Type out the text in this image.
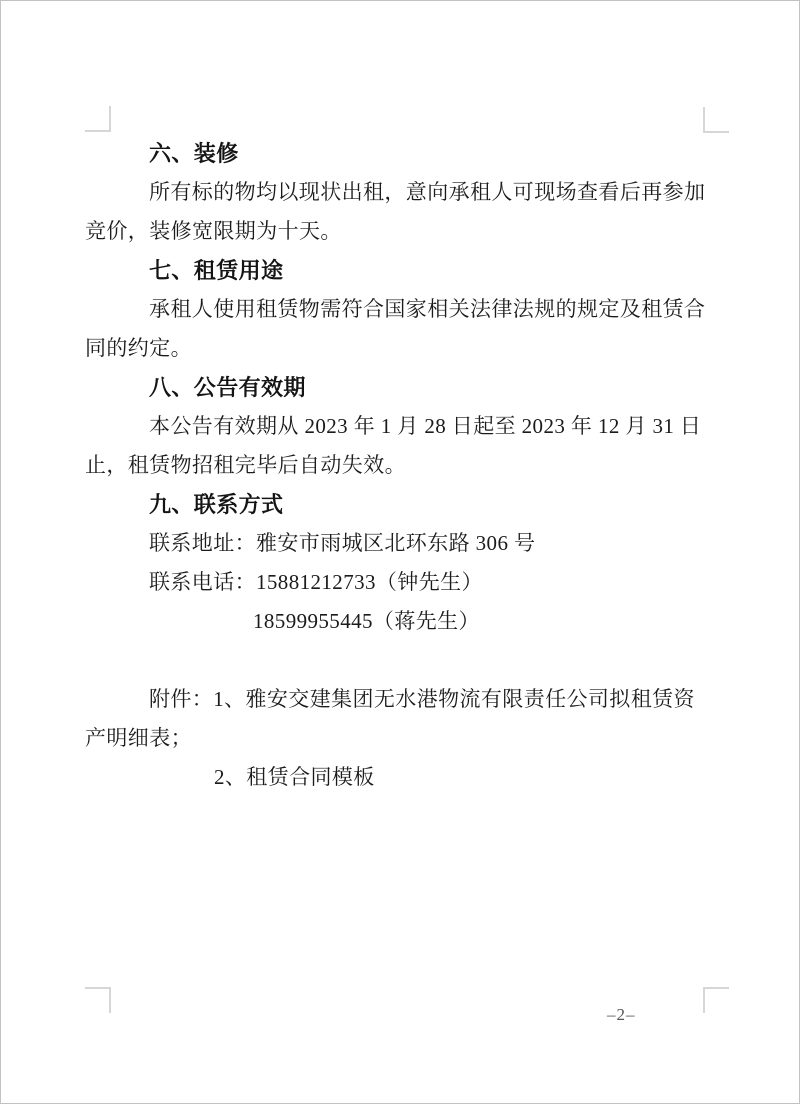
六、装修
所有标的物均以现状出租，意向承租人可现场查看后再参加
竞价，装修宽限期为十天。
七、租赁用途
承租人使用租赁物需符合国家相关法律法规的规定及租赁合
同的约定。
八、公告有效期
本公告有效期从 2023 年 1 月 28 日起至 2023 年 12 月 31 日
止，租赁物招租完毕后自动失效。
九、联系方式
联系地址：雅安市雨城区北环东路 306 号
联系电话：15881212733（钟先生）
18599955445（蒋先生）
附件：1、雅安交建集团无水港物流有限责任公司拟租赁资
产明细表；
2、租赁合同模板
–2–
